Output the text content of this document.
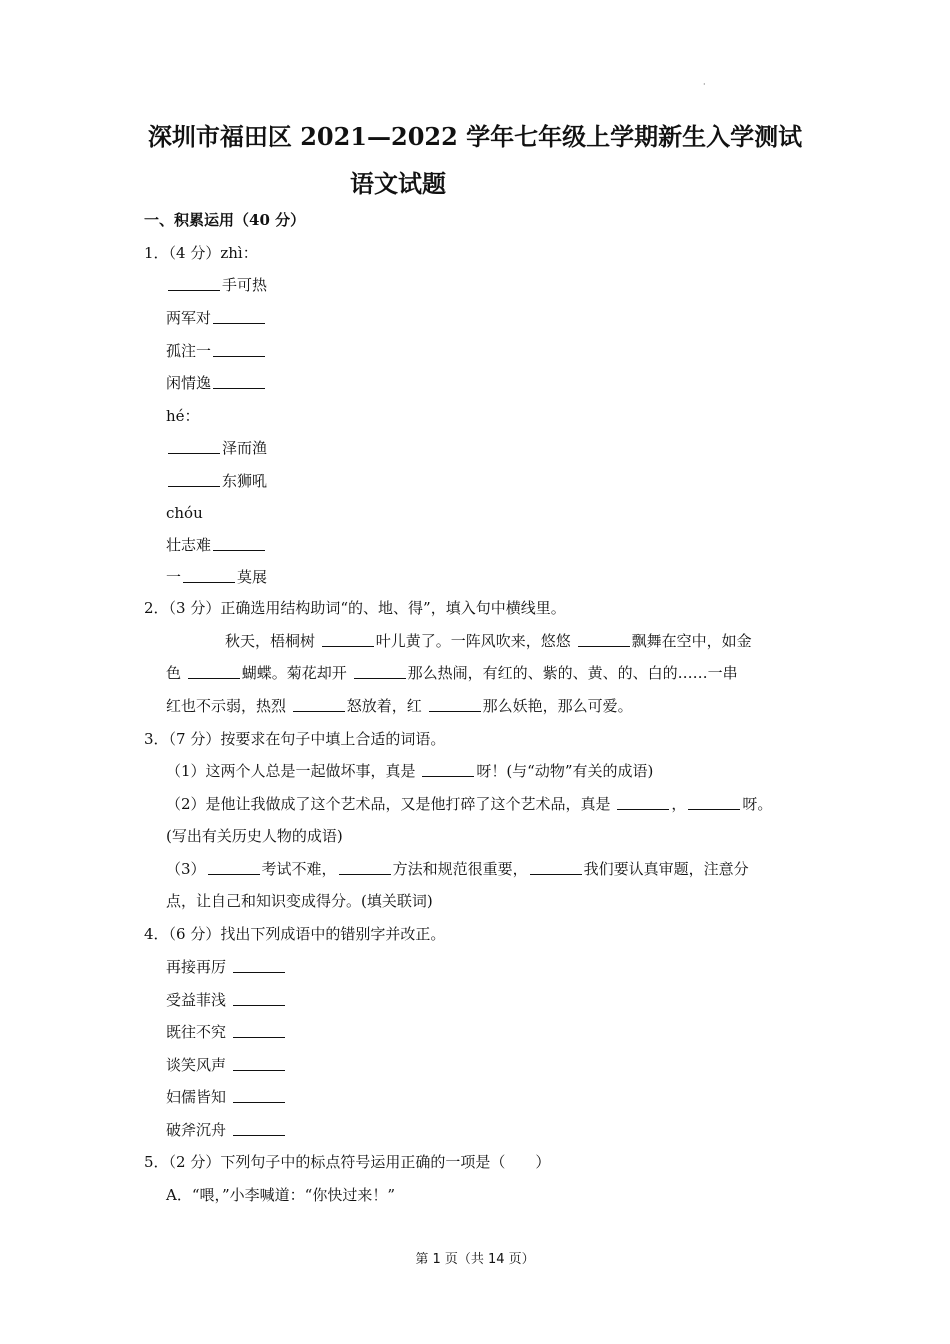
·
深圳市福田区 2021—2022 学年七年级上学期新生入学测试
语文试题
一、积累运用（40 分）
1．（4 分）zhì：
手可热
两军对
孤注一
闲情逸
hé：
泽而渔
东狮吼
chóu
壮志难
一	莫展
2．（3 分）正确选用结构助词“的、地、得”，填入句中横线里。
秋天，梧桐树	叶儿黄了。一阵风吹来，悠悠	飘舞在空中，如金
色	蝴蝶。菊花却开	那么热闹，有红的、紫的、黄、的、白的……一串
红也不示弱，热烈	怒放着，红	那么妖艳，那么可爱。
3．（7 分）按要求在句子中填上合适的词语。
（1）这两个人总是一起做坏事，真是	呀！(与“动物”有关的成语)
（2）是他让我做成了这个艺术品，又是他打碎了这个艺术品，真是	，	呀。
(写出有关历史人物的成语)
（3）	考试不难，	方法和规范很重要，	我们要认真审题，注意分
点，让自己和知识变成得分。(填关联词)
4．（6 分）找出下列成语中的错别字并改正。
再接再厉
受益菲浅
既往不究
谈笑风声
妇儒皆知
破斧沉舟
5．（2 分）下列句子中的标点符号运用正确的一项是（　　）
A．“喂，”小李喊道：“你快过来！”
第 1 页（共 14 页）
